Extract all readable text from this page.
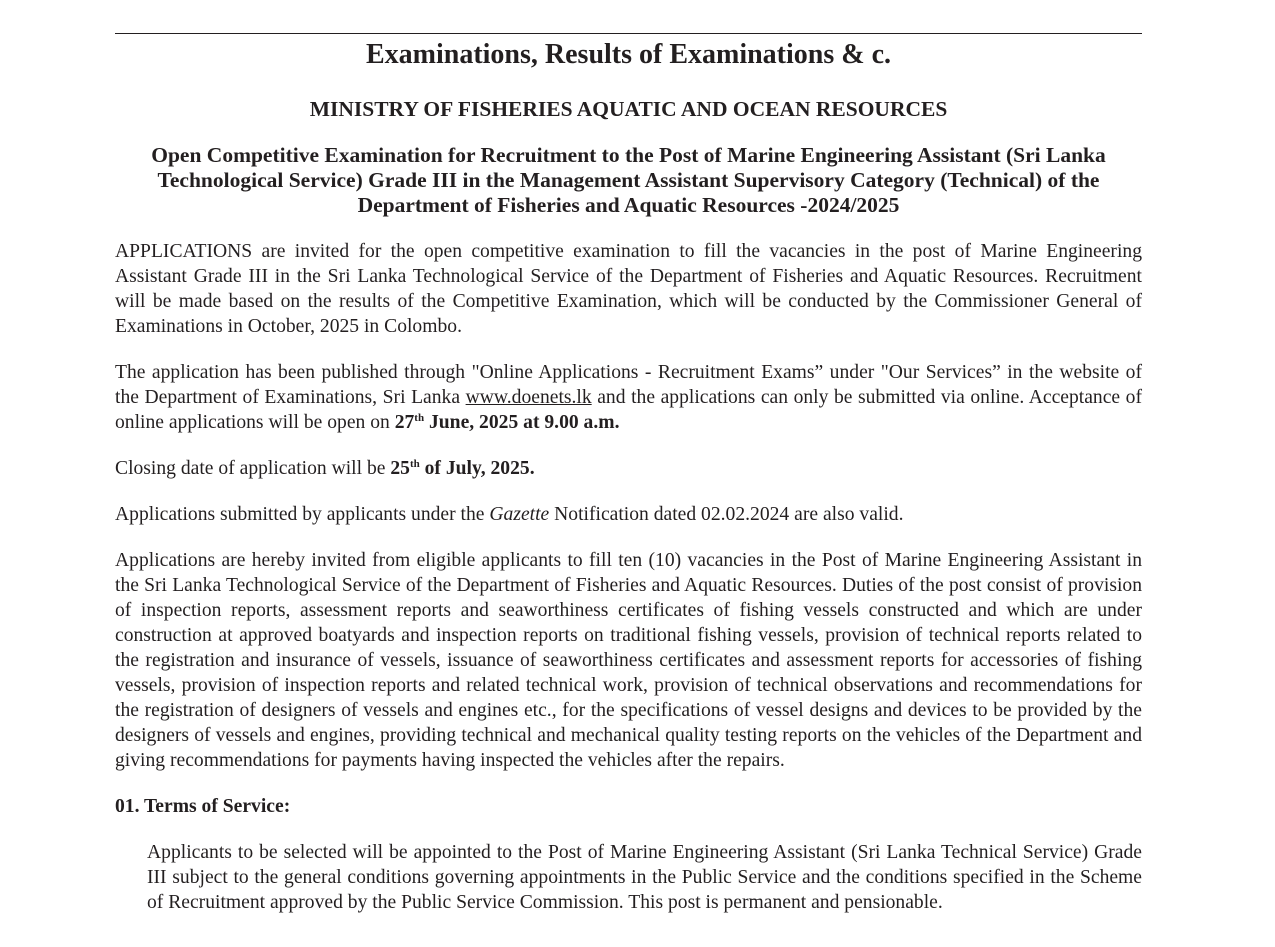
Examinations, Results of Examinations & c.
MINISTRY OF FISHERIES AQUATIC AND OCEAN RESOURCES
Open Competitive Examination for Recruitment to the Post of Marine Engineering Assistant (Sri Lanka Technological Service) Grade III in the Management Assistant Supervisory Category (Technical) of the Department of Fisheries and Aquatic Resources -2024/2025

APPLICATIONS are invited for the open competitive examination to fill the vacancies in the post of Marine Engineering Assistant Grade III in the Sri Lanka Technological Service of the Department of Fisheries and Aquatic Resources. Recruitment will be made based on the results of the Competitive Examination, which will be conducted by the Commissioner General of Examinations in October, 2025 in Colombo.

The application has been published through "Online Applications - Recruitment Exams” under "Our Services” in the website of the Department of Examinations, Sri Lanka www.doenets.lk and the applications can only be submitted via online. Acceptance of online applications will be open on 27th June, 2025 at 9.00 a.m.

Closing date of application will be 25th of July, 2025.

Applications submitted by applicants under the Gazette Notification dated 02.02.2024 are also valid.

Applications are hereby invited from eligible applicants to fill ten (10) vacancies in the Post of Marine Engineering Assistant in the Sri Lanka Technological Service of the Department of Fisheries and Aquatic Resources. Duties of the post consist of provision of inspection reports, assessment reports and seaworthiness certificates of fishing vessels constructed and which are under construction at approved boatyards and inspection reports on traditional fishing vessels, provision of technical reports related to the registration and insurance of vessels, issuance of seaworthiness certificates and assessment reports for accessories of fishing vessels, provision of inspection reports and related technical work, provision of technical observations and recommendations for the registration of designers of vessels and engines etc., for the specifications of vessel designs and devices to be provided by the designers of vessels and engines, providing technical and mechanical quality testing reports on the vehicles of the Department and giving recommendations for payments having inspected the vehicles after the repairs.

01. Terms of Service:

Applicants to be selected will be appointed to the Post of Marine Engineering Assistant (Sri Lanka Technical Service) Grade III subject to the general conditions governing appointments in the Public Service and the conditions specified in the Scheme of Recruitment approved by the Public Service Commission. This post is permanent and pensionable.
